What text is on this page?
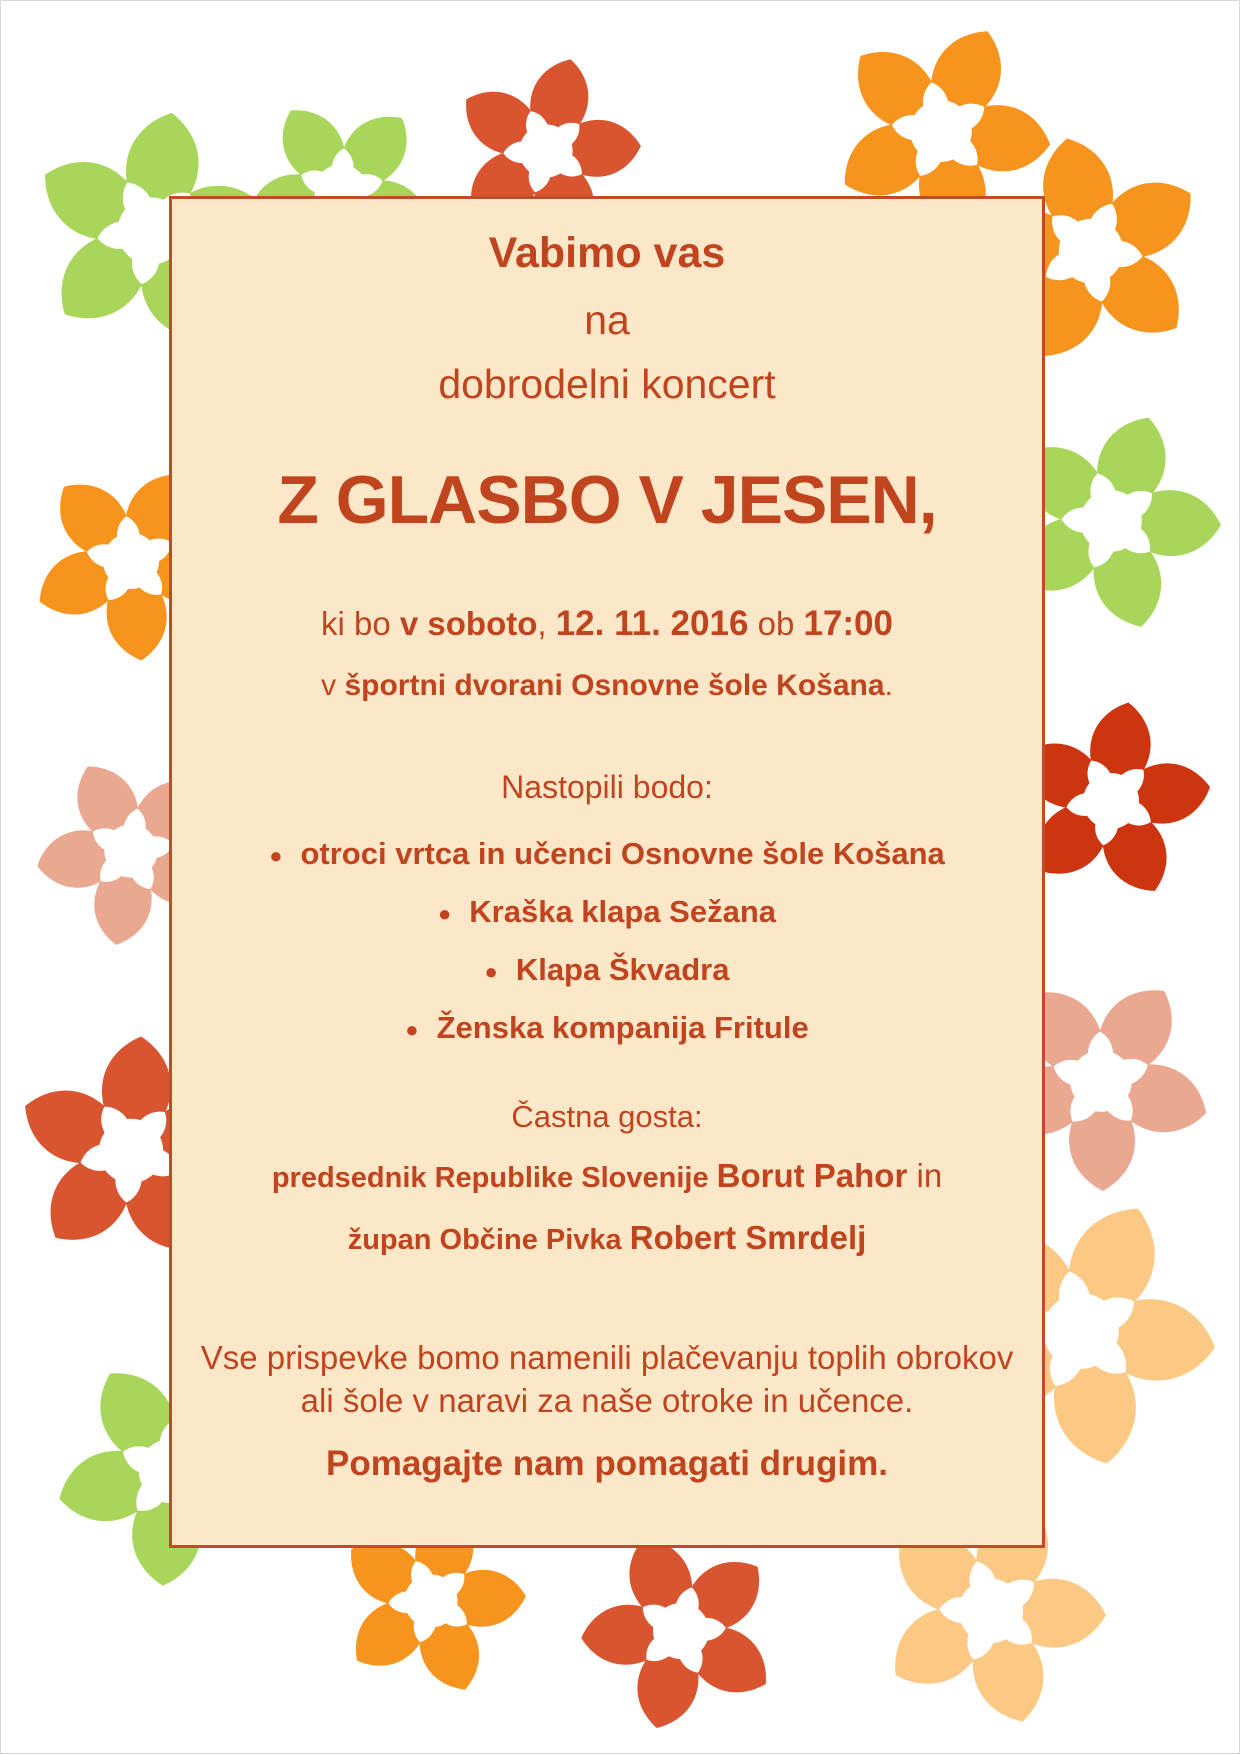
Vabimo vas
na
dobrodelni koncert
Z GLASBO V JESEN,
ki bo v soboto, 12. 11. 2016 ob 17:00
v športni dvorani Osnovne šole Košana.
Nastopili bodo:
● otroci vrtca in učenci Osnovne šole Košana
● Kraška klapa Sežana
● Klapa Škvadra
● Ženska kompanija Fritule
Častna gosta:
predsednik Republike Slovenije Borut Pahor in
župan Občine Pivka Robert Smrdelj
Vse prispevke bomo namenili plačevanju toplih obrokov
ali šole v naravi za naše otroke in učence.
Pomagajte nam pomagati drugim.
